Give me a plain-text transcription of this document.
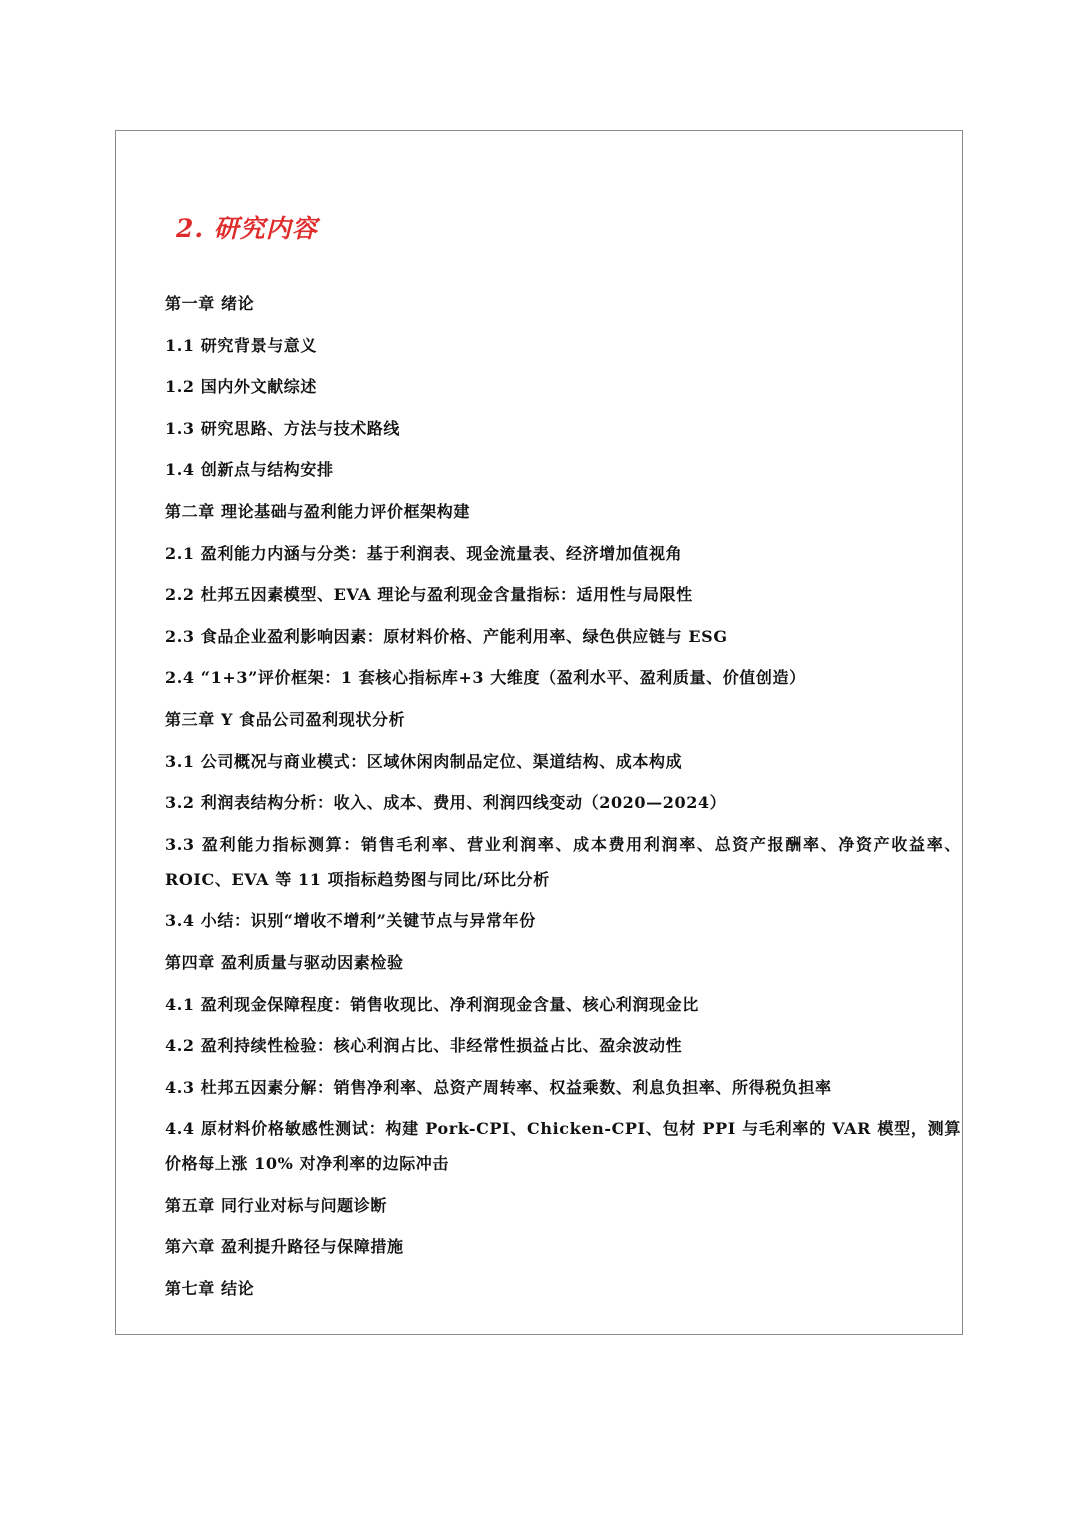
2. 研究内容
第一章 绪论
1.1 研究背景与意义
1.2 国内外文献综述
1.3 研究思路、方法与技术路线
1.4 创新点与结构安排
第二章 理论基础与盈利能力评价框架构建
2.1 盈利能力内涵与分类：基于利润表、现金流量表、经济增加值视角
2.2 杜邦五因素模型、EVA 理论与盈利现金含量指标：适用性与局限性
2.3 食品企业盈利影响因素：原材料价格、产能利用率、绿色供应链与 ESG
2.4 “1+3”评价框架：1 套核心指标库+3 大维度（盈利水平、盈利质量、价值创造）
第三章 Y 食品公司盈利现状分析
3.1 公司概况与商业模式：区域休闲肉制品定位、渠道结构、成本构成
3.2 利润表结构分析：收入、成本、费用、利润四线变动（2020—2024）
3.3 盈利能力指标测算：销售毛利率、营业利润率、成本费用利润率、总资产报酬率、净资产收益率、ROIC、EVA 等 11 项指标趋势图与同比/环比分析
3.4 小结：识别“增收不增利”关键节点与异常年份
第四章 盈利质量与驱动因素检验
4.1 盈利现金保障程度：销售收现比、净利润现金含量、核心利润现金比
4.2 盈利持续性检验：核心利润占比、非经常性损益占比、盈余波动性
4.3 杜邦五因素分解：销售净利率、总资产周转率、权益乘数、利息负担率、所得税负担率
4.4 原材料价格敏感性测试：构建 Pork-CPI、Chicken-CPI、包材 PPI 与毛利率的 VAR 模型，测算价格每上涨 10% 对净利率的边际冲击
第五章 同行业对标与问题诊断
第六章 盈利提升路径与保障措施
第七章 结论
